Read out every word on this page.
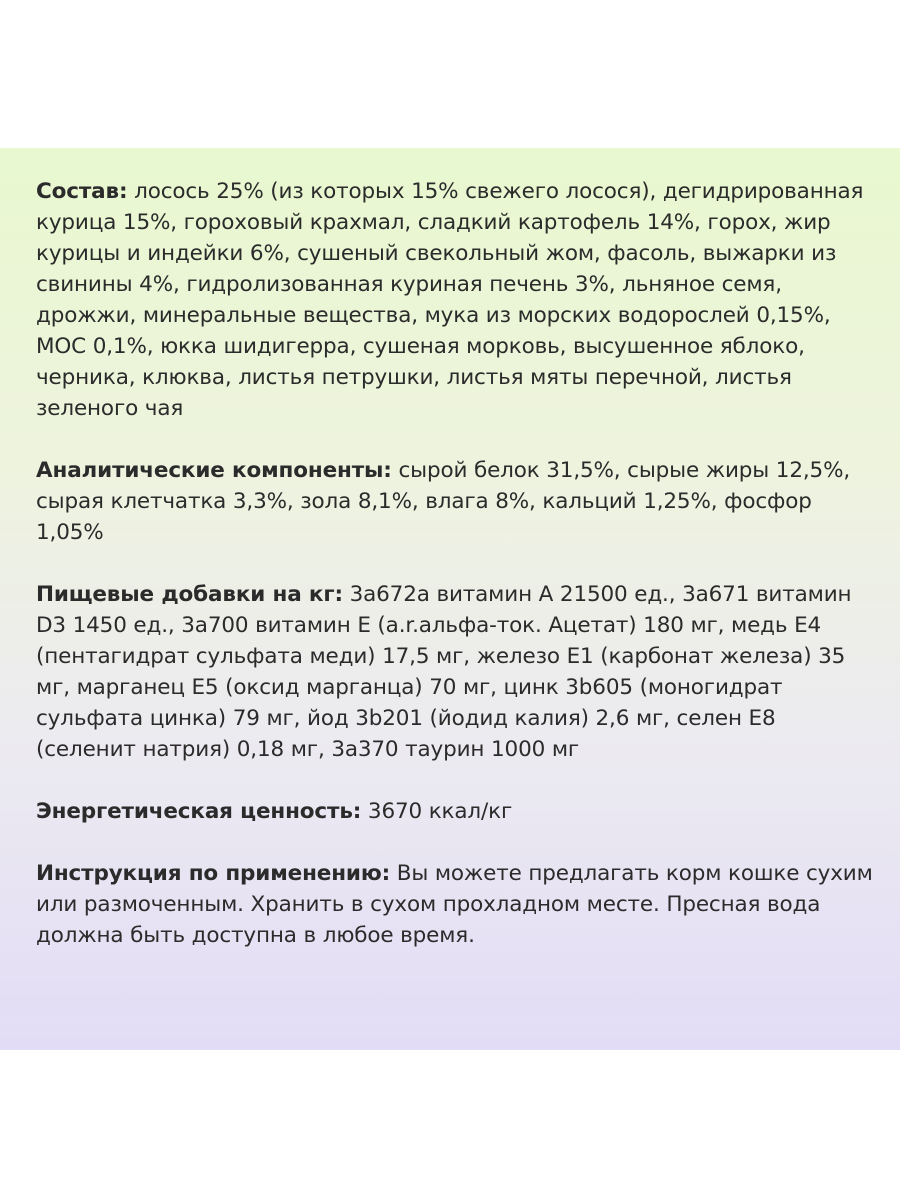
Состав: лосось 25% (из которых 15% свежего лосося), дегидрированная курица 15%, гороховый крахмал, сладкий картофель 14%, горох, жир курицы и индейки 6%, сушеный свекольный жом, фасоль, выжарки из свинины 4%, гидролизованная куриная печень 3%, льняное семя, дрожжи, минеральные вещества, мука из морских водорослей 0,15%, МОС 0,1%, юкка шидигерра, сушеная морковь, высушенное яблоко, черника, клюква, листья петрушки, листья мяты перечной, листья зеленого чая

Аналитические компоненты: сырой белок 31,5%, сырые жиры 12,5%, сырая клетчатка 3,3%, зола 8,1%, влага 8%, кальций 1,25%, фосфор 1,05%

Пищевые добавки на кг: 3a672a витамин А 21500 ед., 3a671 витамин D3 1450 ед., 3a700 витамин Е (a.r.альфа-ток. Ацетат) 180 мг, медь Е4 (пентагидрат сульфата меди) 17,5 мг, железо Е1 (карбонат железа) 35 мг, марганец Е5 (оксид марганца) 70 мг, цинк 3b605 (моногидрат сульфата цинка) 79 мг, йод 3b201 (йодид калия) 2,6 мг, селен Е8 (селенит натрия) 0,18 мг, 3a370 таурин 1000 мг

Энергетическая ценность: 3670 ккал/кг

Инструкция по применению: Вы можете предлагать корм кошке сухим или размоченным. Хранить в сухом прохладном месте. Пресная вода должна быть доступна в любое время.
